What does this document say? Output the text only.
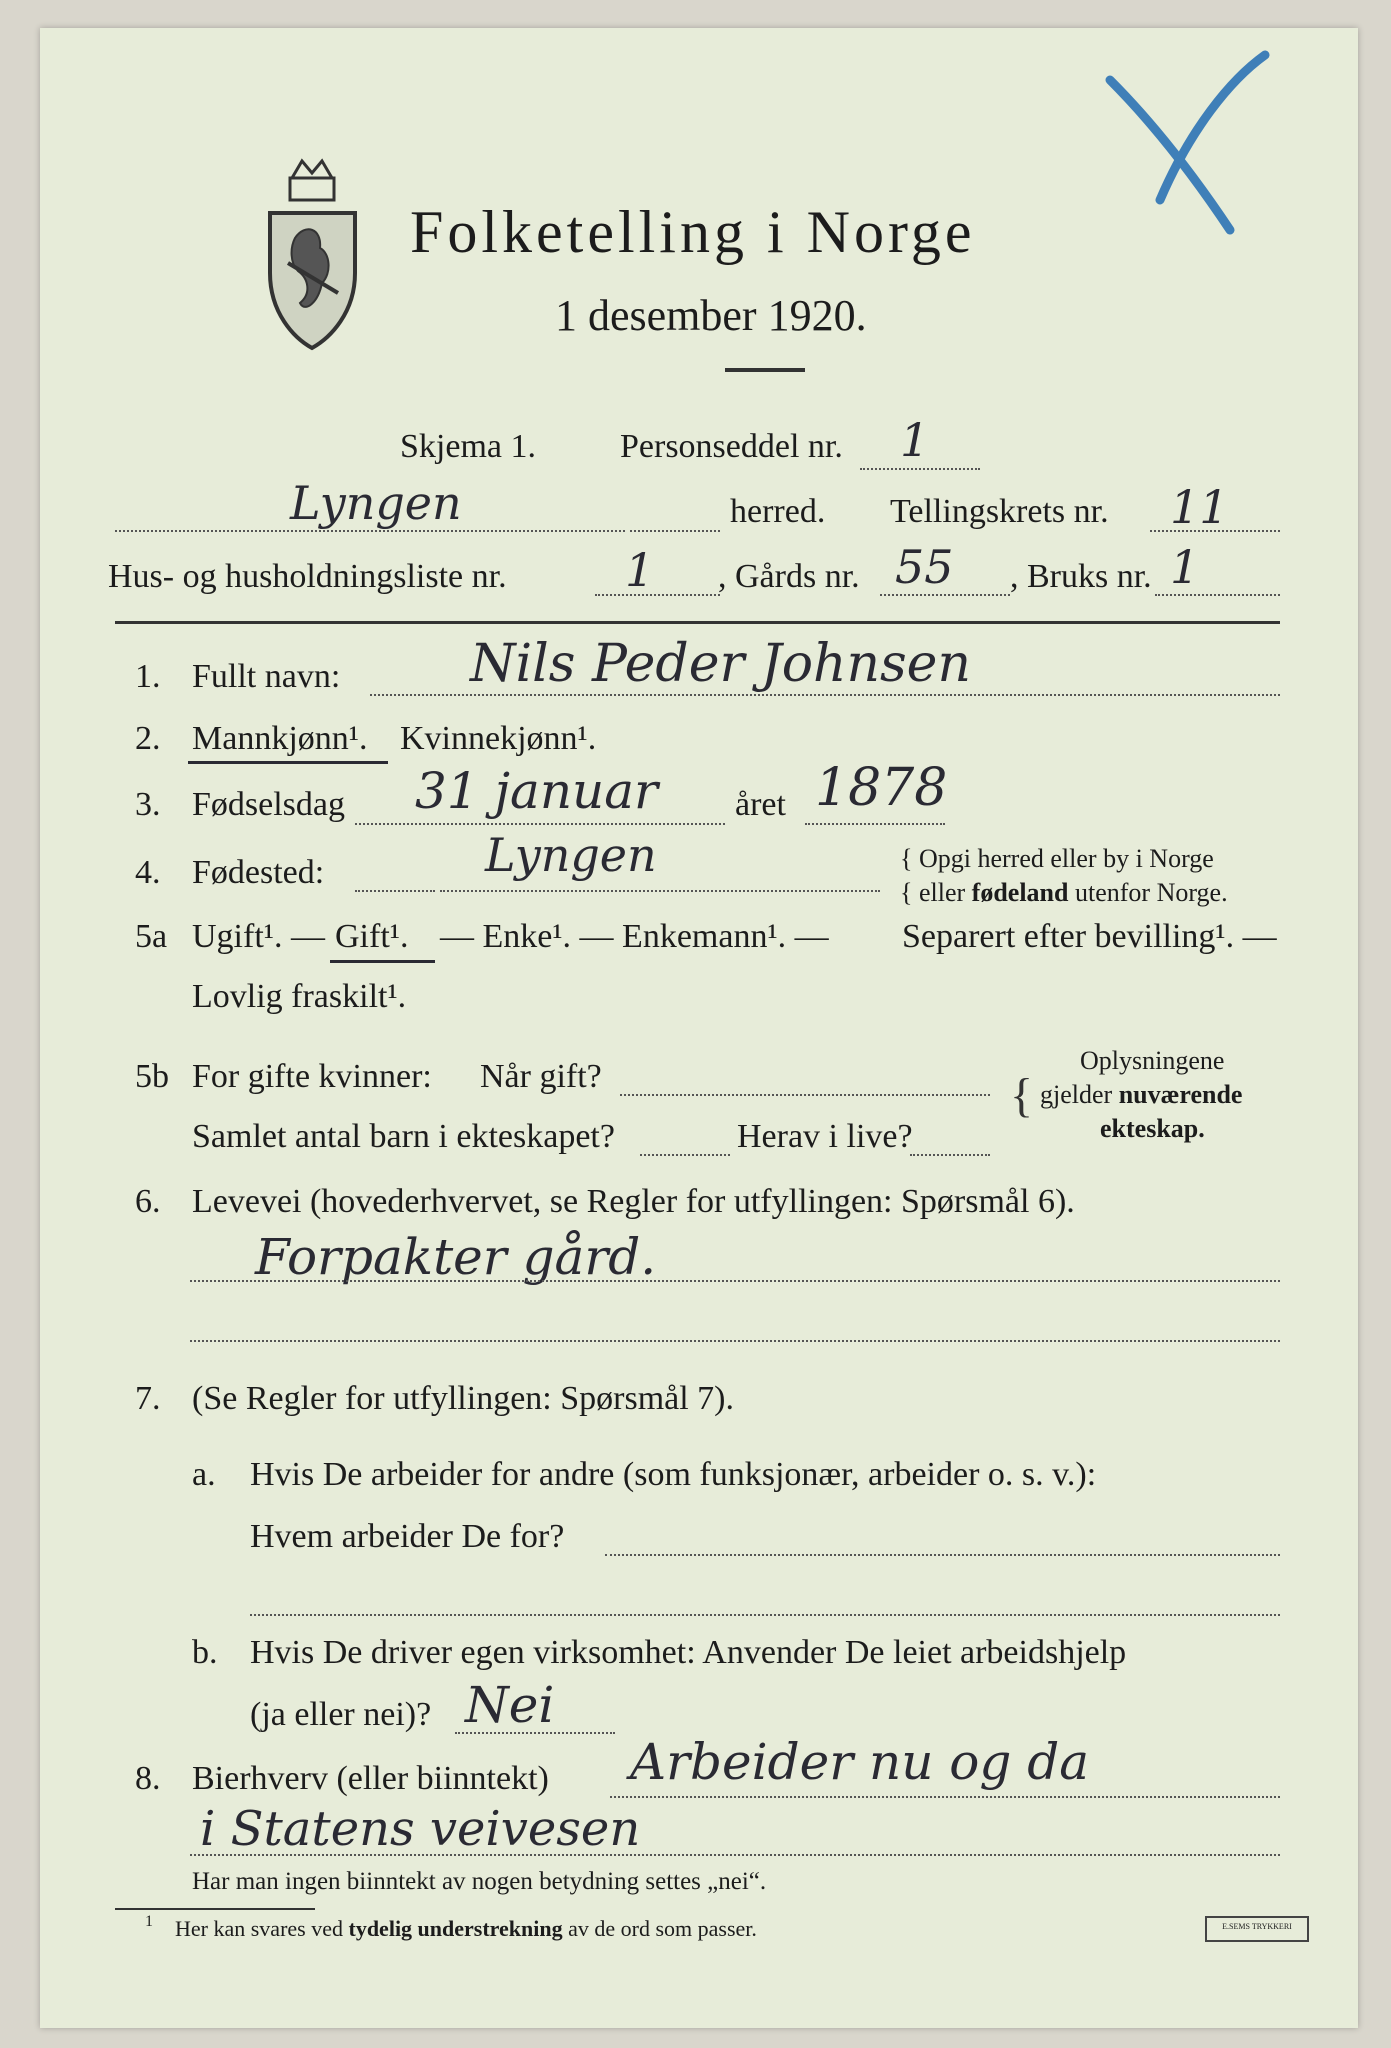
Folketelling i Norge
1 desember 1920.
Skjema 1. Personseddel nr. 1
Lyngen	herred. Tellingskrets nr. 11
Hus- og husholdningsliste nr.	1 , Gårds nr. 55 , Bruks nr. 1
1. Fullt navn: Nils Peder Johnsen
2. Mannkjønn¹. Kvinnekjønn¹.
3. Fødselsdag 31 januar året 1878
4. Fødested:	Lyngen	{ Opgi herred eller by i Norge
{ eller fødeland utenfor Norge.
5a Ugift¹. — Gift¹. — Enke¹. — Enkemann¹. — Separert efter bevilling¹. —
Lovlig fraskilt¹.
5b For gifte kvinner: Når gift?
Samlet antal barn i ekteskapet?	Herav i live?
{
Oplysningene
gjelder nuværende
ekteskap.
6. Levevei (hovederhvervet, se Regler for utfyllingen: Spørsmål 6).
Forpakter gård.
7. (Se Regler for utfyllingen: Spørsmål 7).
a. Hvis De arbeider for andre (som funksjonær, arbeider o. s. v.):
Hvem arbeider De for?
b. Hvis De driver egen virksomhet: Anvender De leiet arbeidshjelp
(ja eller nei)? Nei
8. Bierhverv (eller biinntekt) Arbeider nu og da
i Statens veivesen
Har man ingen biinntekt av nogen betydning settes „nei“.
1 Her kan svares ved tydelig understrekning av de ord som passer.	E.SEMS TRYKKERI
